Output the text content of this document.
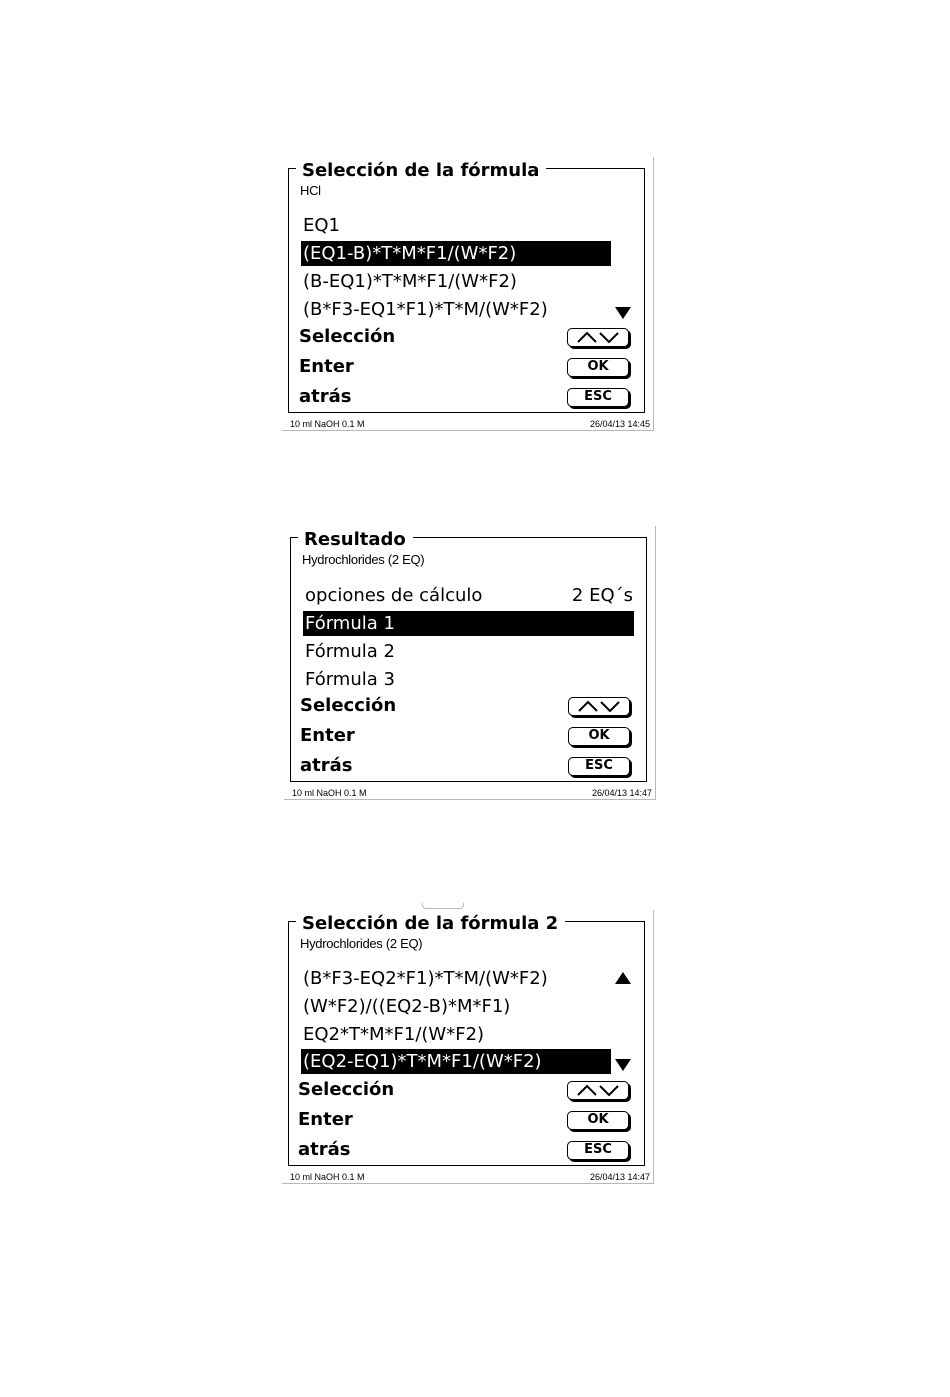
Selección de la fórmula
HCl
EQ1
(EQ1-B)*T*M*F1/(W*F2)
(B-EQ1)*T*M*F1/(W*F2)
(B*F3-EQ1*F1)*T*M/(W*F2)
Selección
Enter	OK
atrás	ESC
10 ml NaOH 0.1 M	26/04/13 14:45
Resultado
Hydrochlorides (2 EQ)
opciones de cálculo	2 EQ´s
Fórmula 1
Fórmula 2
Fórmula 3
Selección
Enter	OK
atrás	ESC
10 ml NaOH 0.1 M	26/04/13 14:47
Selección de la fórmula 2
Hydrochlorides (2 EQ)
(B*F3-EQ2*F1)*T*M/(W*F2)
(W*F2)/((EQ2-B)*M*F1)
EQ2*T*M*F1/(W*F2)
(EQ2-EQ1)*T*M*F1/(W*F2)
Selección
Enter	OK
atrás	ESC
10 ml NaOH 0.1 M	26/04/13 14:47
